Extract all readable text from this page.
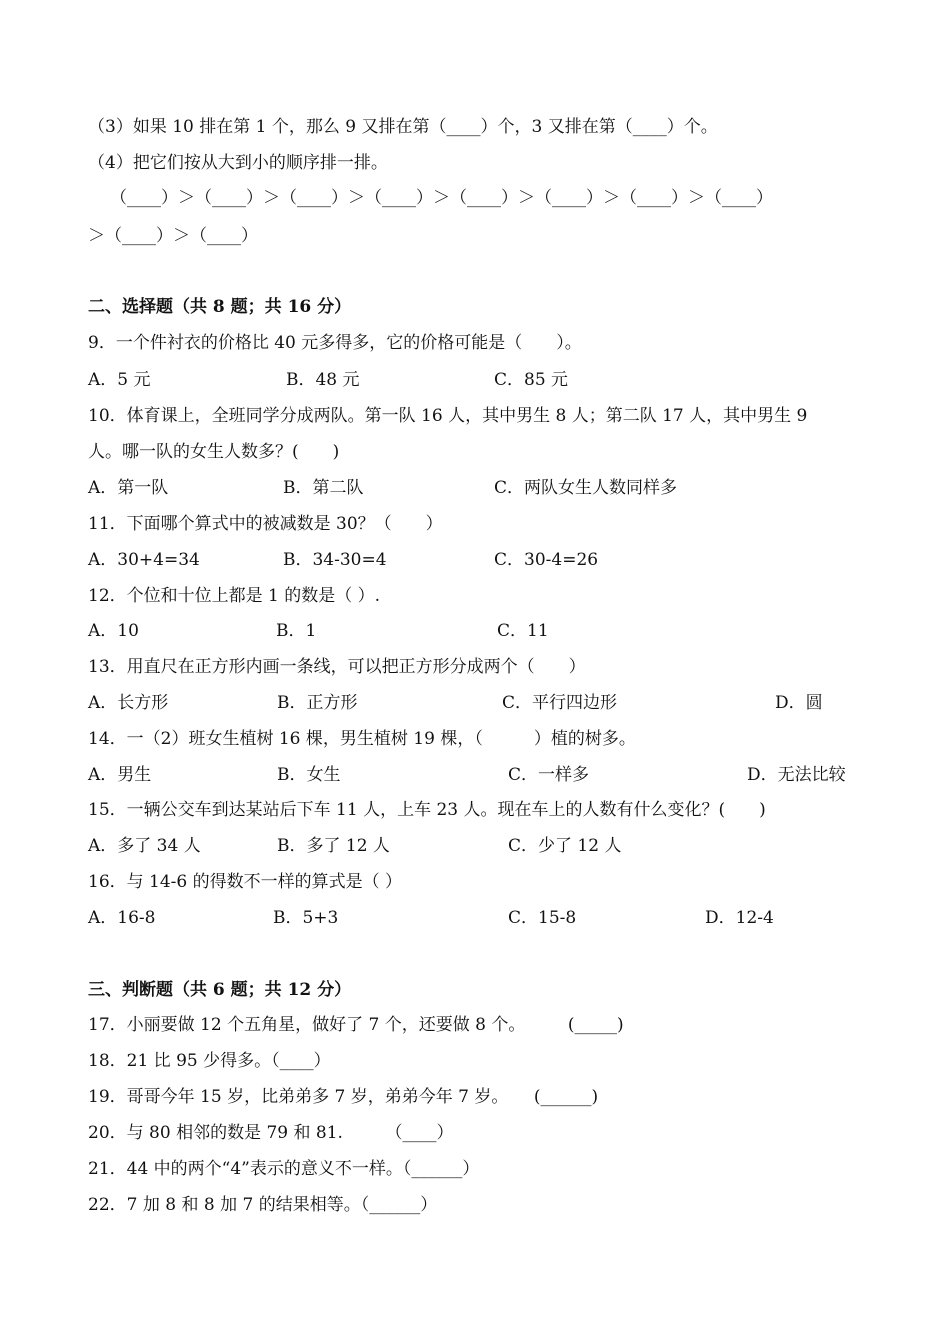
（3）如果 10 排在第 1 个，那么 9 又排在第（____）个，3 又排在第（____）个。
（4）把它们按从大到小的顺序排一排。
（____）＞（____）＞（____）＞（____）＞（____）＞（____）＞（____）＞（____）
＞（____）＞（____）
二、选择题（共 8 题；共 16 分）
9．一个件衬衣的价格比 40 元多得多，它的价格可能是（　　）。
A．5 元	B．48 元	C．85 元
10．体育课上，全班同学分成两队。第一队 16 人，其中男生 8 人；第二队 17 人，其中男生 9
人。哪一队的女生人数多？(　　)
A．第一队	B．第二队	C．两队女生人数同样多
11．下面哪个算式中的被减数是 30？（　　）
A．30+4=34	B．34-30=4	C．30-4=26
12．个位和十位上都是 1 的数是（ ）.
A．10	B．1	C．11
13．用直尺在正方形内画一条线，可以把正方形分成两个（　　）
A．长方形	B．正方形	C．平行四边形	D．圆
14．一（2）班女生植树 16 棵，男生植树 19 棵，（　　　）植的树多。
A．男生	B．女生	C．一样多	D．无法比较
15．一辆公交车到达某站后下车 11 人，上车 23 人。现在车上的人数有什么变化？(　　)
A．多了 34 人	B．多了 12 人	C．少了 12 人
16．与 14-6 的得数不一样的算式是（ ）
A．16-8	B．5+3	C．15-8	D．12-4
三、判断题（共 6 题；共 12 分）
17．小丽要做 12 个五角星，做好了 7 个，还要做 8 个。　　　(_____)
18．21 比 95 少得多。（____）
19．哥哥今年 15 岁，比弟弟多 7 岁，弟弟今年 7 岁。　　(______)
20．与 80 相邻的数是 79 和 81.　　　（____）
21．44 中的两个“4”表示的意义不一样。（______）
22．7 加 8 和 8 加 7 的结果相等。（______）
